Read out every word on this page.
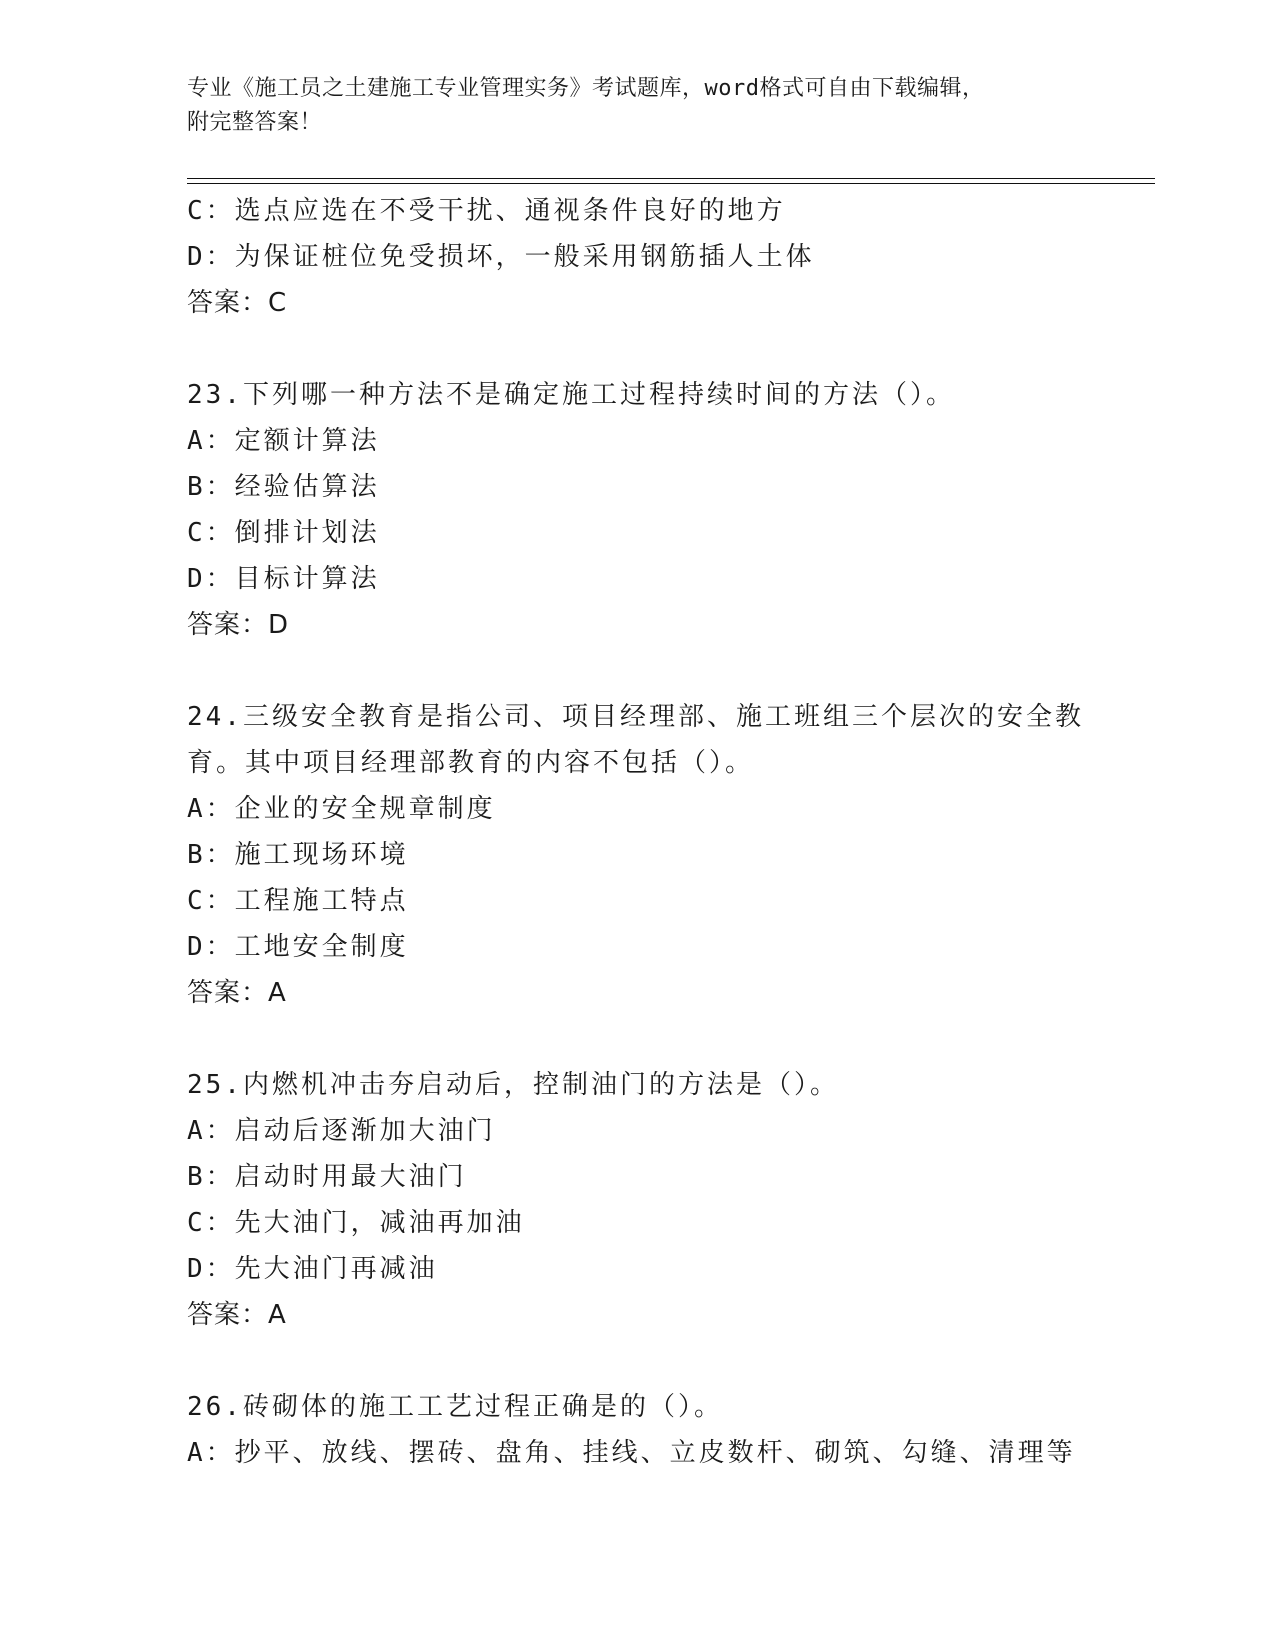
专业《施工员之土建施工专业管理实务》考试题库，word格式可自由下载编辑，
附完整答案！
C：选点应选在不受干扰、通视条件良好的地方
D：为保证桩位免受损坏，一般采用钢筋插人土体
答案：C
23.下列哪一种方法不是确定施工过程持续时间的方法（）。
A：定额计算法
B：经验估算法
C：倒排计划法
D：目标计算法
答案：D
24.三级安全教育是指公司、项目经理部、施工班组三个层次的安全教
育。其中项目经理部教育的内容不包括（）。
A：企业的安全规章制度
B：施工现场环境
C：工程施工特点
D：工地安全制度
答案：A
25.内燃机冲击夯启动后，控制油门的方法是（）。
A：启动后逐渐加大油门
B：启动时用最大油门
C：先大油门，减油再加油
D：先大油门再减油
答案：A
26.砖砌体的施工工艺过程正确是的（）。
A：抄平、放线、摆砖、盘角、挂线、立皮数杆、砌筑、勾缝、清理等
